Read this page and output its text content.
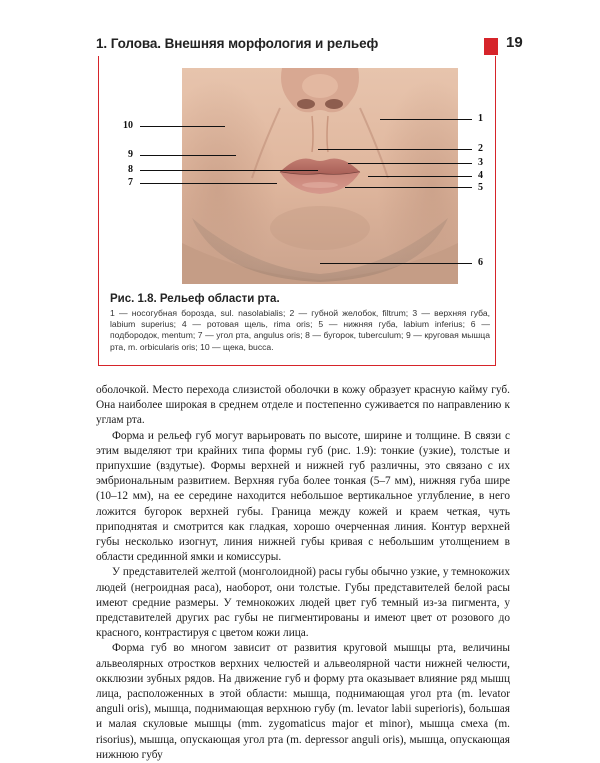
1. Голова. Внешняя морфология и рельеф	19
10
9
8
7
1
2
3
4
5
6
Рис. 1.8. Рельеф области рта.
1 — носогубная борозда, sul. nasolabialis; 2 — губной желобок, filtrum; 3 — верхняя губа, labium superius; 4 — ротовая щель, rima oris; 5 — нижняя губа, labium inferius; 6 — подбородок, mentum; 7 — угол рта, angulus oris; 8 — бугорок, tuberculum; 9 — круговая мышца рта, m. orbicularis oris; 10 — щека, bucca.

оболочкой. Место перехода слизистой оболочки в кожу образует красную кайму губ. Она наиболее широкая в среднем отделе и постепенно суживается по направлению к углам рта.

Форма и рельеф губ могут варьировать по высоте, ширине и толщине. В связи с этим выделяют три крайних типа формы губ (рис. 1.9): тонкие (узкие), толстые и припухшие (вздутые). Формы верхней и нижней губ различны, это связано с их эмбриональным развитием. Верхняя губа более тонкая (5–7 мм), нижняя губа шире (10–12 мм), на ее середине находится небольшое вертикальное углубление, в него ложится бугорок верхней губы. Граница между кожей и краем четкая, чуть приподнятая и смотрится как гладкая, хорошо очерченная линия. Контур верхней губы несколько изогнут, линия нижней губы кривая с небольшим утолщением в области срединной ямки и комиссуры.

У представителей желтой (монголоидной) расы губы обычно узкие, у темнокожих людей (негроидная раса), наоборот, они толстые. Губы представителей белой расы имеют средние размеры. У темнокожих людей цвет губ темный из-за пигмента, у представителей других рас губы не пигментированы и имеют цвет от розового до красного, контрастируя с цветом кожи лица.

Форма губ во многом зависит от развития круговой мышцы рта, величины альвеолярных отростков верхних челюстей и альвеолярной части нижней челюсти, окклюзии зубных рядов. На движение губ и форму рта оказывает влияние ряд мышц лица, расположенных в этой области: мышца, поднимающая угол рта (m. levator anguli oris), мышца, поднимающая верхнюю губу (m. levator labii superioris), большая и малая скуловые мышцы (mm. zygomaticus major et minor), мышца смеха (m. risorius), мышца, опускающая угол рта (m. depressor anguli oris), мышца, опускающая нижнюю губу
